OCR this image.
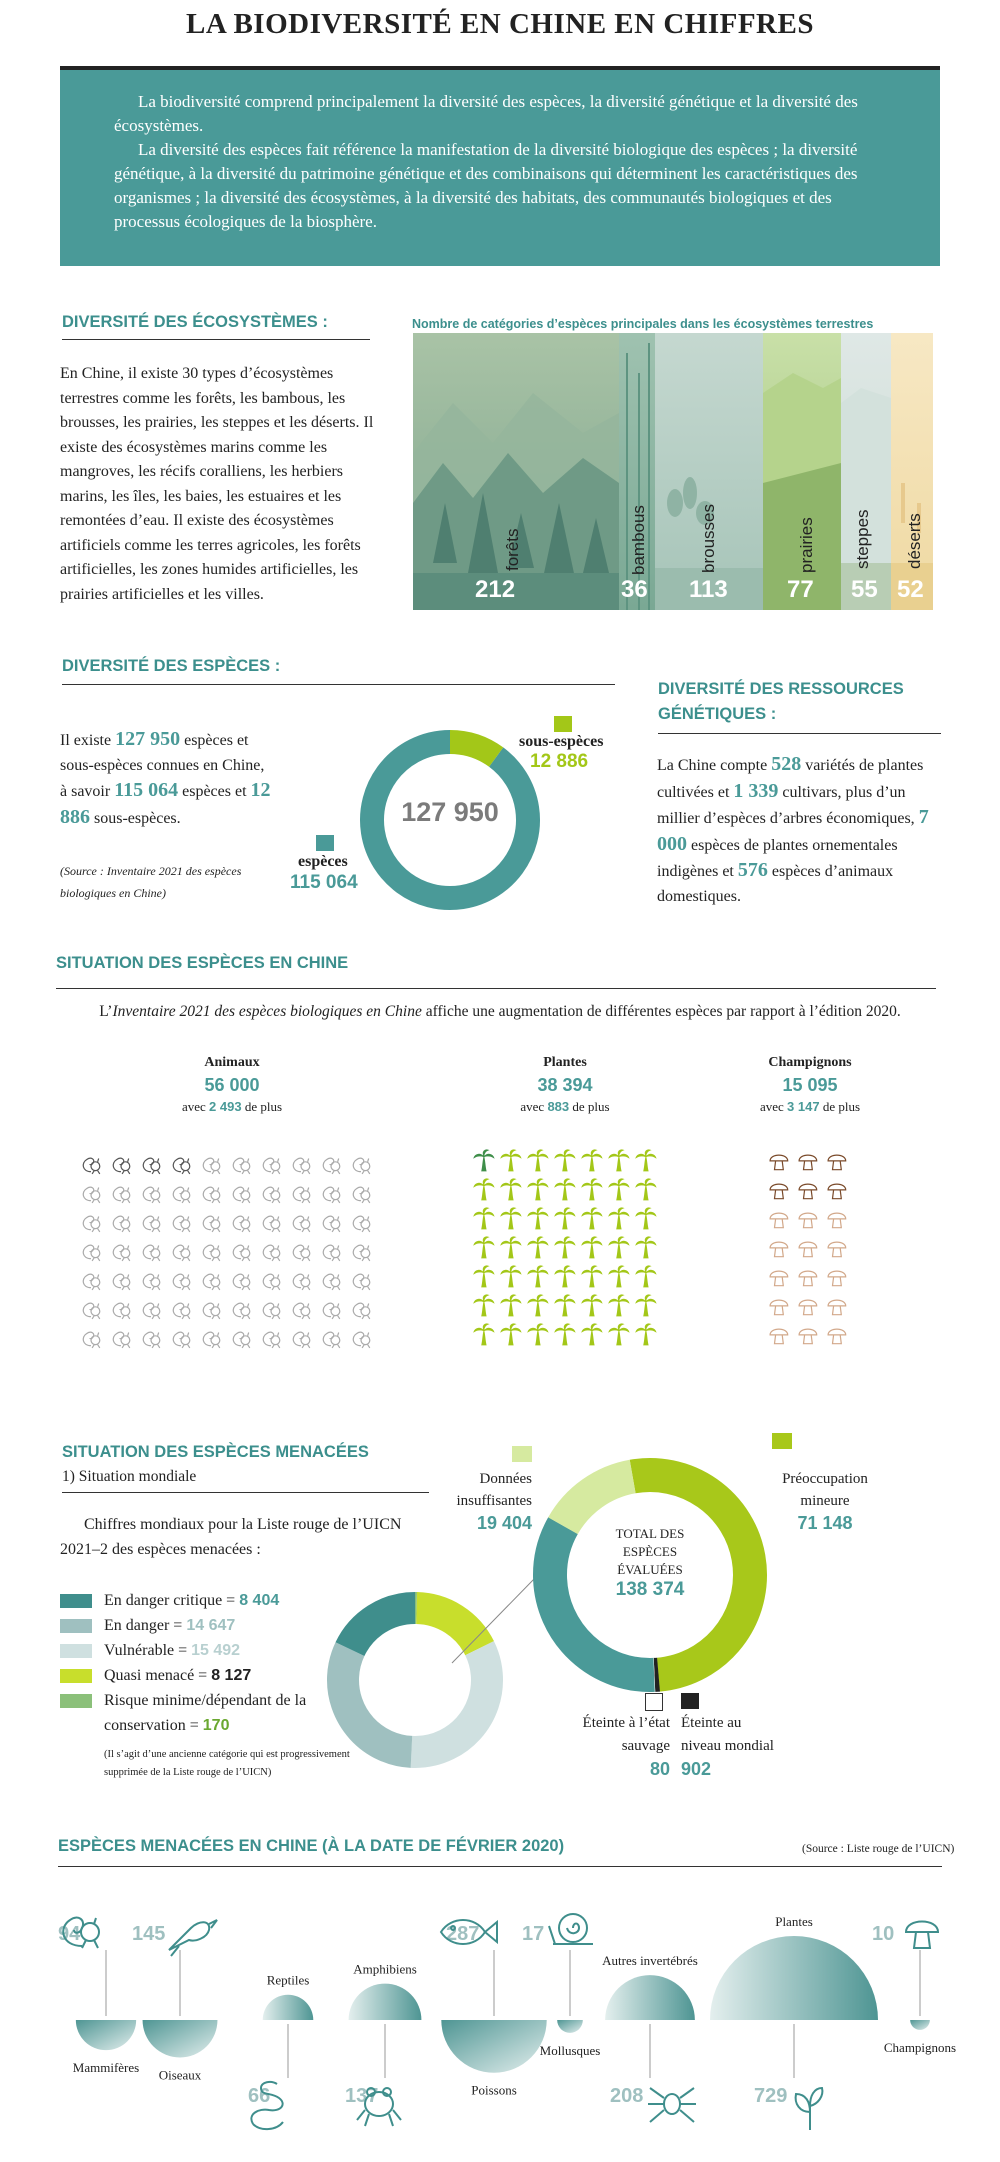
LA BIODIVERSITÉ EN CHINE EN CHIFFRES

La biodiversité comprend principalement la diversité des espèces, la diversité génétique et la diversité des écosystèmes.

La diversité des espèces fait référence la manifestation de la diversité biologique des espèces ; la diversité génétique, à la diversité du patrimoine génétique et des combinaisons qui déterminent les caractéristiques des organismes ; la diversité des écosystèmes, à la diversité des habitats, des communautés biologiques et des processus écologiques de la biosphère.

DIVERSITÉ DES ÉCOSYSTÈMES :
En Chine, il existe 30 types d’écosystèmes terrestres comme les forêts, les bambous, les brousses, les prairies, les steppes et les déserts. Il existe des écosystèmes marins comme les mangroves, les récifs coralliens, les herbiers marins, les îles, les baies, les estuaires et les remontées d’eau. Il existe des écosystèmes artificiels comme les terres agricoles, les forêts artificielles, les zones humides artificielles, les prairies artificielles et les villes.
Nombre de catégories d’espèces principales dans les écosystèmes terrestres
forêts
212
bambous
36
brousses
113
prairies
77
steppes
55
déserts
52
DIVERSITÉ DES ESPÈCES :
Il existe 127 950 espèces et sous-espèces connues en Chine, à savoir 115 064 espèces et 12 886 sous-espèces.
(Source : Inventaire 2021 des espèces biologiques en Chine)
127 950
espèces
115 064
sous-espèces
12 886
DIVERSITÉ DES RESSOURCES
GÉNÉTIQUES :
La Chine compte 528 variétés de plantes cultivées et 1 339 cultivars, plus d’un millier d’espèces d’arbres économiques, 7 000 espèces de plantes ornementales indigènes et 576 espèces d’animaux domestiques.
SITUATION DES ESPÈCES EN CHINE
L’Inventaire 2021 des espèces biologiques en Chine affiche une augmentation de différentes espèces par rapport à l’édition 2020.
Animaux
56 000
avec 2 493 de plus
Plantes
38 394
avec 883 de plus
Champignons
15 095
avec 3 147 de plus
SITUATION DES ESPÈCES MENACÉES
1) Situation mondiale
Chiffres mondiaux pour la Liste rouge de l’UICN 2021–2 des espèces menacées :
En danger critique = 8 404
En danger = 14 647
Vulnérable = 15 492
Quasi menacé = 8 127
Risque minime/dépendant de la conservation = 170
(Il s’agit d’une ancienne catégorie qui est progressivement supprimée de la Liste rouge de l’UICN)
TOTAL DES
ESPÈCES
ÉVALUÉES
138 374
Données
insuffisantes
19 404
Préoccupation
mineure
71 148
Éteinte à l’état
sauvage
80
Éteinte au
niveau mondial
902
ESPÈCES MENACÉES EN CHINE (À LA DATE DE FÉVRIER 2020)	(Source : Liste rouge de l’UICN)
94
Mammifères
145
Oiseaux
66
Reptiles
137
Amphibiens
287
Poissons
17
Mollusques
208
Autres invertébrés
729
Plantes
10
Champignons
